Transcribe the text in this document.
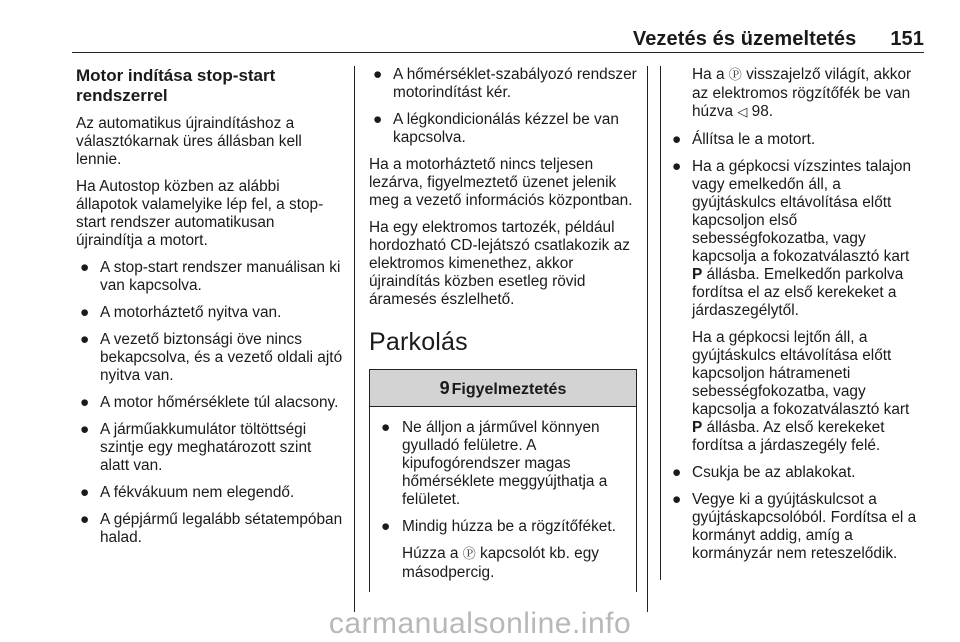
Vezetés és üzemeltetés 151
Motor indítása stop-start rendszerrel

Az automatikus újraindításhoz a választókarnak üres állásban kell lennie.

Ha Autostop közben az alábbi állapotok valamelyike lép fel, a stop-start rendszer automatikusan újraindítja a motort.

● A stop-start rendszer manuálisan ki van kapcsolva.
● A motorháztető nyitva van.
● A vezető biztonsági öve nincs bekapcsolva, és a vezető oldali ajtó nyitva van.
● A motor hőmérséklete túl alacsony.
● A járműakkumulátor töltöttségi szintje egy meghatározott szint alatt van.
● A fékvákuum nem elegendő.
● A gépjármű legalább sétatempóban halad.
● A hőmérséklet-szabályozó rendszer motorindítást kér.
● A légkondicionálás kézzel be van kapcsolva.

Ha a motorháztető nincs teljesen lezárva, figyelmeztető üzenet jelenik meg a vezető információs központban.

Ha egy elektromos tartozék, például hordozható CD-lejátszó csatlakozik az elektromos kimenethez, akkor újraindítás közben esetleg rövid áramesés észlelhető.

Parkolás
9 Figyelmeztetés
● Ne álljon a járművel könnyen gyulladó felületre. A kipufogórendszer magas hőmérséklete meggyújthatja a felületet.
● Mindig húzza be a rögzítőféket.

Húzza a Ⓟ kapcsolót kb. egy másodpercig.

Ha a Ⓟ visszajelző világít, akkor az elektromos rögzítőfék be van húzva ◁ 98.

● Állítsa le a motort.
● Ha a gépkocsi vízszintes talajon vagy emelkedőn áll, a gyújtáskulcs eltávolítása előtt kapcsoljon első sebességfokozatba, vagy kapcsolja a fokozatválasztó kart P állásba. Emelkedőn parkolva fordítsa el az első kerekeket a járdaszegélytől.
Ha a gépkocsi lejtőn áll, a gyújtáskulcs eltávolítása előtt kapcsoljon hátrameneti sebességfokozatba, vagy kapcsolja a fokozatválasztó kart P állásba. Az első kerekeket fordítsa a járdaszegély felé.
● Csukja be az ablakokat.
● Vegye ki a gyújtáskulcsot a gyújtáskapcsolóból. Fordítsa el a kormányt addig, amíg a kormányzár nem reteszelődik.
carmanualsonline.info
